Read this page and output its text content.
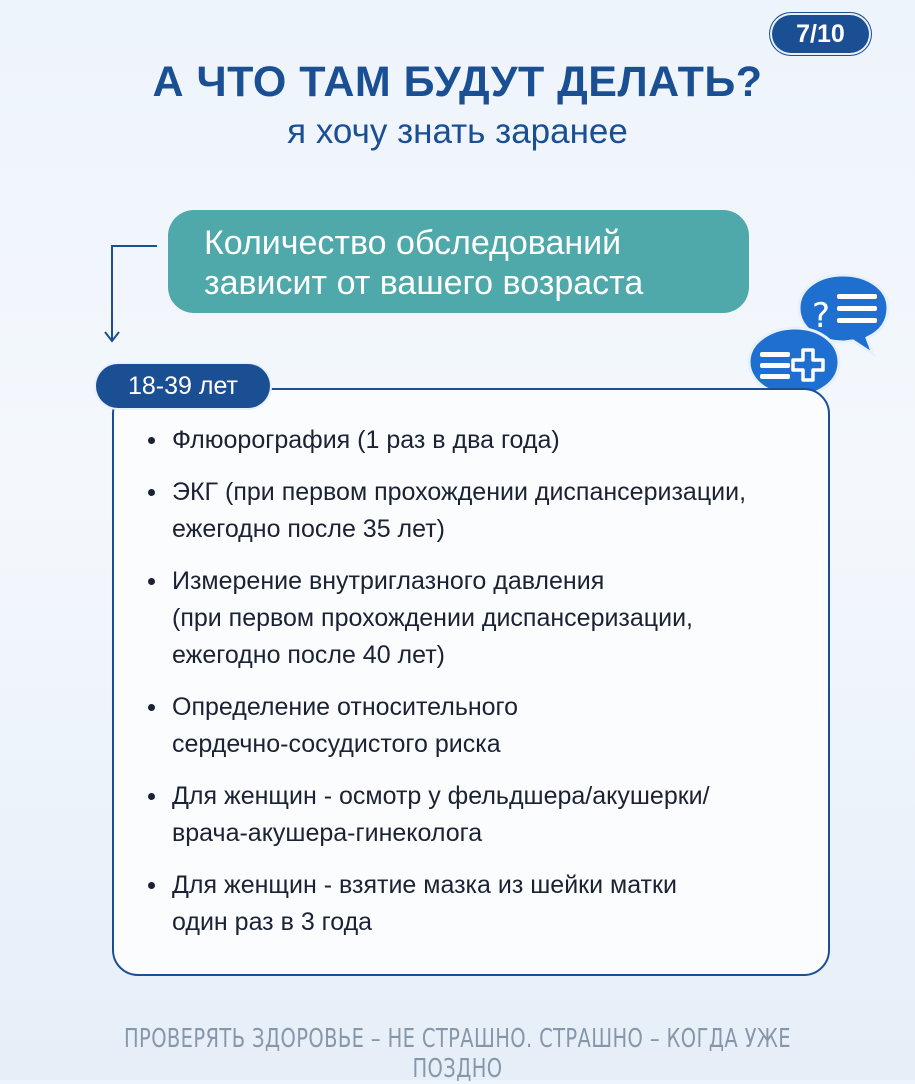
7/10
А ЧТО ТАМ БУДУТ ДЕЛАТЬ?
я хочу знать заранее
Количество обследований
зависит от вашего возраста
?
18-39 лет
Флюорография (1 раз в два года)
ЭКГ (при первом прохождении диспансеризации,
ежегодно после 35 лет)
Измерение внутриглазного давления
(при первом прохождении диспансеризации,
ежегодно после 40 лет)
Определение относительного
сердечно-сосудистого риска
Для женщин - осмотр у фельдшера/акушерки/
врача-акушера-гинеколога
Для женщин - взятие мазка из шейки матки
один раз в 3 года
ПРОВЕРЯТЬ ЗДОРОВЬЕ – НЕ СТРАШНО. СТРАШНО – КОГДА УЖЕ ПОЗДНО
